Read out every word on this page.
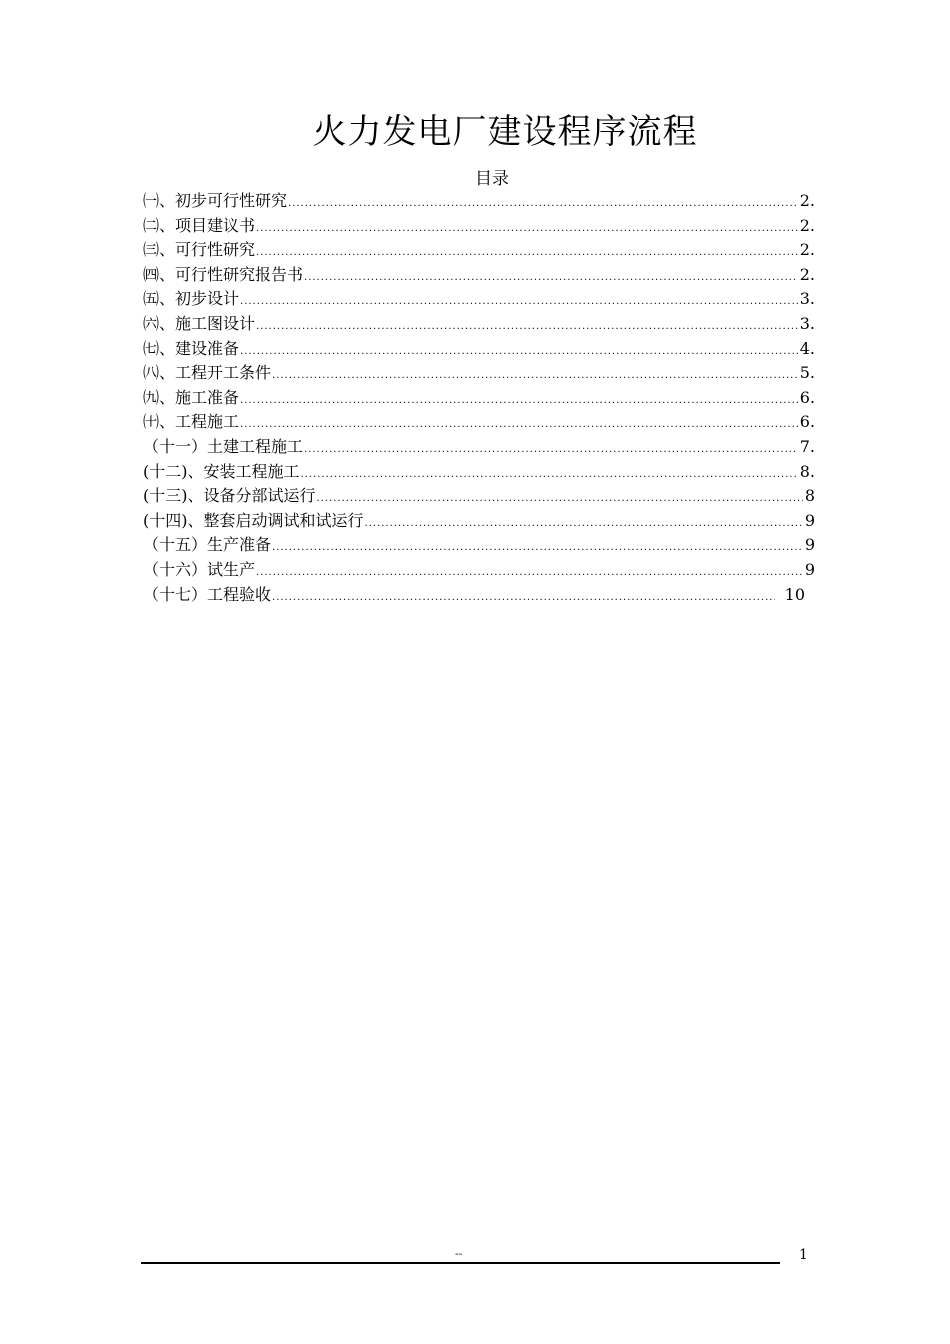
火力发电厂建设程序流程
目录
㈠、初步可行性研究 .....	2.
㈡、项目建议书 .....	2.
㈢、可行性研究 .....	2.
㈣、可行性研究报告书 .....	2.
㈤、初步设计 .....	3.
㈥、施工图设计 .....	3.
㈦、建设准备 .....	4.
㈧、工程开工条件 .....	5.
㈨、施工准备 .....	6.
㈩、工程施工 .....	6.
（十一）土建工程施工 .....	7.
(十二)、安装工程施工 .....	8.
(十三)、设备分部试运行 .....	8
(十四)、整套启动调试和试运行 .....	9
（十五）生产准备 .....	9
（十六）试生产 .....	9
（十七）工程验收 .....	10
--	1
